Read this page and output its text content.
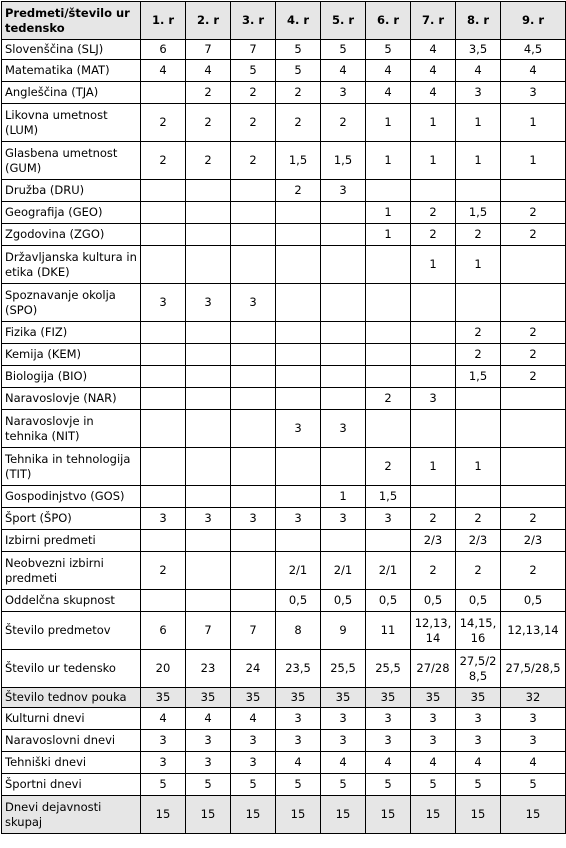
Predmeti/število ur tedensko	1. r	2. r	3. r	4. r	5. r	6. r	7. r	8. r	9. r
Slovenščina (SLJ)	6	7	7	5	5	5	4	3,5	4,5
Matematika (MAT)	4	4	5	5	4	4	4	4	4
Angleščina (TJA)		2	2	2	3	4	4	3	3
Likovna umetnost (LUM)	2	2	2	2	2	1	1	1	1
Glasbena umetnost (GUM)	2	2	2	1,5	1,5	1	1	1	1
Družba (DRU)				2	3				
Geografija (GEO)						1	2	1,5	2
Zgodovina (ZGO)						1	2	2	2
Državljanska kultura in etika (DKE)							1	1	
Spoznavanje okolja (SPO)	3	3	3						
Fizika (FIZ)								2	2
Kemija (KEM)								2	2
Biologija (BIO)								1,5	2
Naravoslovje (NAR)						2	3		
Naravoslovje in tehnika (NIT)				3	3				
Tehnika in tehnologija (TIT)						2	1	1	
Gospodinjstvo (GOS)					1	1,5			
Šport (ŠPO)	3	3	3	3	3	3	2	2	2
Izbirni predmeti							2/3	2/3	2/3
Neobvezni izbirni predmeti	2			2/1	2/1	2/1	2	2	2
Oddelčna skupnost				0,5	0,5	0,5	0,5	0,5	0,5
Število predmetov	6	7	7	8	9	11	12,13, 14	14,15, 16	12,13,14
Število ur tedensko	20	23	24	23,5	25,5	25,5	27/28	27,5/2 8,5	27,5/28,5
Število tednov pouka	35	35	35	35	35	35	35	35	32
Kulturni dnevi	4	4	4	3	3	3	3	3	3
Naravoslovni dnevi	3	3	3	3	3	3	3	3	3
Tehniški dnevi	3	3	3	4	4	4	4	4	4
Športni dnevi	5	5	5	5	5	5	5	5	5
Dnevi dejavnosti skupaj	15	15	15	15	15	15	15	15	15
